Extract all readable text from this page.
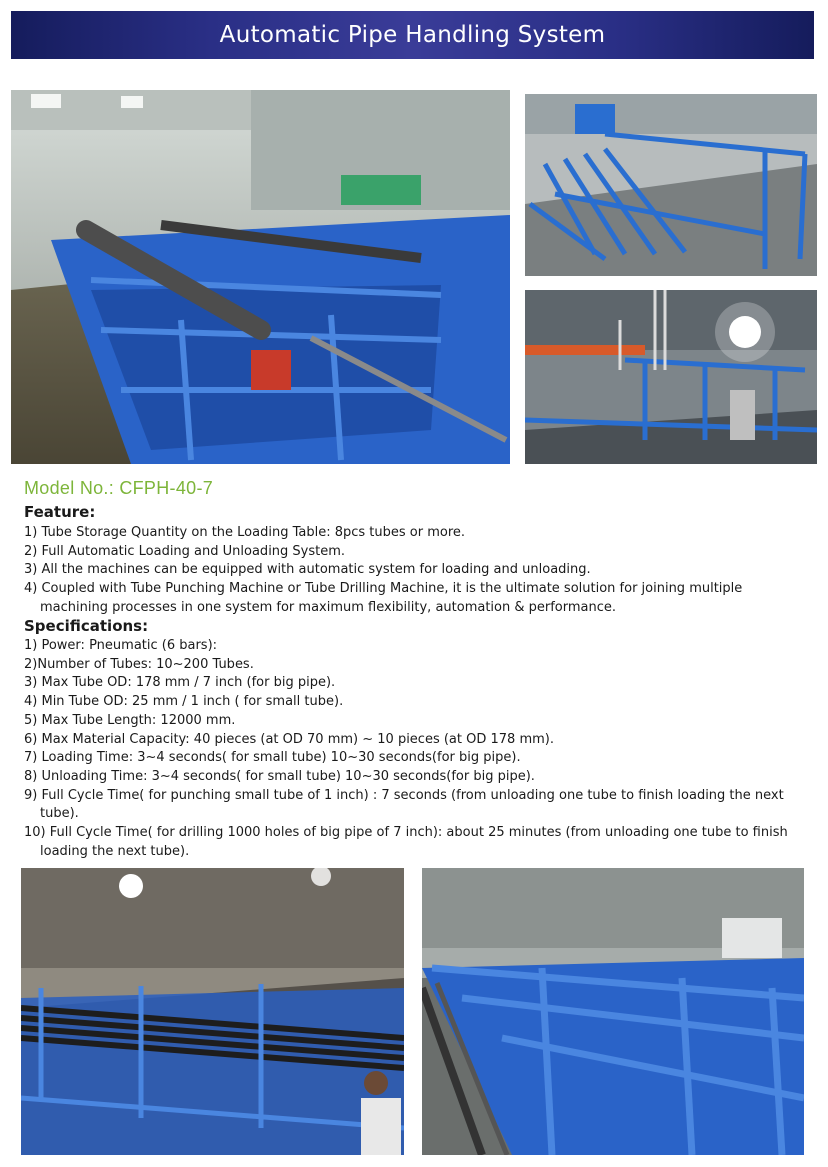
Automatic Pipe Handling System

Model No.: CFPH-40-7

Feature:

1) Tube Storage Quantity on the Loading Table: 8pcs tubes or more.
2) Full Automatic Loading and Unloading System.
3) All the machines can be equipped with automatic system for loading and unloading.
4) Coupled with Tube Punching Machine or Tube Drilling Machine, it is the ultimate solution for joining multiple machining processes in one system for maximum flexibility, automation & performance.

Specifications:

1) Power: Pneumatic (6 bars):
2)Number of Tubes: 10~200 Tubes.
3) Max Tube OD: 178 mm / 7 inch (for big pipe).
4) Min Tube OD: 25 mm / 1 inch ( for small tube).
5) Max Tube Length: 12000 mm.
6) Max Material Capacity: 40 pieces (at OD 70 mm) ~ 10 pieces (at OD 178 mm).
7) Loading Time: 3~4 seconds( for small tube) 10~30 seconds(for big pipe).
8) Unloading Time: 3~4 seconds( for small tube) 10~30 seconds(for big pipe).
9) Full Cycle Time( for punching small tube of 1 inch) : 7 seconds (from unloading one tube to finish loading the next tube).
10) Full Cycle Time( for drilling 1000 holes of big pipe of 7 inch): about 25 minutes (from unloading one tube to finish loading the next tube).
